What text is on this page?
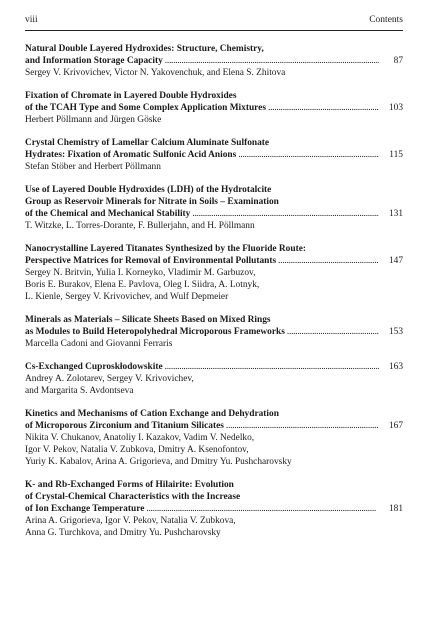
viii	Contents
Natural Double Layered Hydroxides: Structure, Chemistry,
and Information Storage Capacity . . .	87
Sergey V. Krivovichev, Victor N. Yakovenchuk, and Elena S. Zhitova
Fixation of Chromate in Layered Double Hydroxides
of the TCAH Type and Some Complex Application Mixtures . . .	103
Herbert Pöllmann and Jürgen Göske
Crystal Chemistry of Lamellar Calcium Aluminate Sulfonate
Hydrates: Fixation of Aromatic Sulfonic Acid Anions . . .	115
Stefan Stöber and Herbert Pöllmann
Use of Layered Double Hydroxides (LDH) of the Hydrotalcite
Group as Reservoir Minerals for Nitrate in Soils – Examination
of the Chemical and Mechanical Stability . . .	131
T. Witzke, L. Torres-Dorante, F. Bullerjahn, and H. Pöllmann
Nanocrystalline Layered Titanates Synthesized by the Fluoride Route:
Perspective Matrices for Removal of Environmental Pollutants . . .	147
Sergey N. Britvin, Yulia I. Korneyko, Vladimir M. Garbuzov,
Boris E. Burakov, Elena E. Pavlova, Oleg I. Siidra, A. Lotnyk,
L. Kienle, Sergey V. Krivovichev, and Wulf Depmeier
Minerals as Materials – Silicate Sheets Based on Mixed Rings
as Modules to Build Heteropolyhedral Microporous Frameworks . . .	153
Marcella Cadoni and Giovanni Ferraris
Cs-Exchanged Cuproskłodowskite . . .	163
Andrey A. Zolotarev, Sergey V. Krivovichev,
and Margarita S. Avdontseva
Kinetics and Mechanisms of Cation Exchange and Dehydration
of Microporous Zirconium and Titanium Silicates . . .	167
Nikita V. Chukanov, Anatoliy I. Kazakov, Vadim V. Nedelko,
Igor V. Pekov, Natalia V. Zubkova, Dmitry A. Ksenofontov,
Yuriy K. Kabalov, Arina A. Grigorieva, and Dmitry Yu. Pushcharovsky
K- and Rb-Exchanged Forms of Hilairite: Evolution
of Crystal-Chemical Characteristics with the Increase
of Ion Exchange Temperature . . .	181
Arina A. Grigorieva, Igor V. Pekov, Natalia V. Zubkova,
Anna G. Turchkova, and Dmitry Yu. Pushcharovsky
